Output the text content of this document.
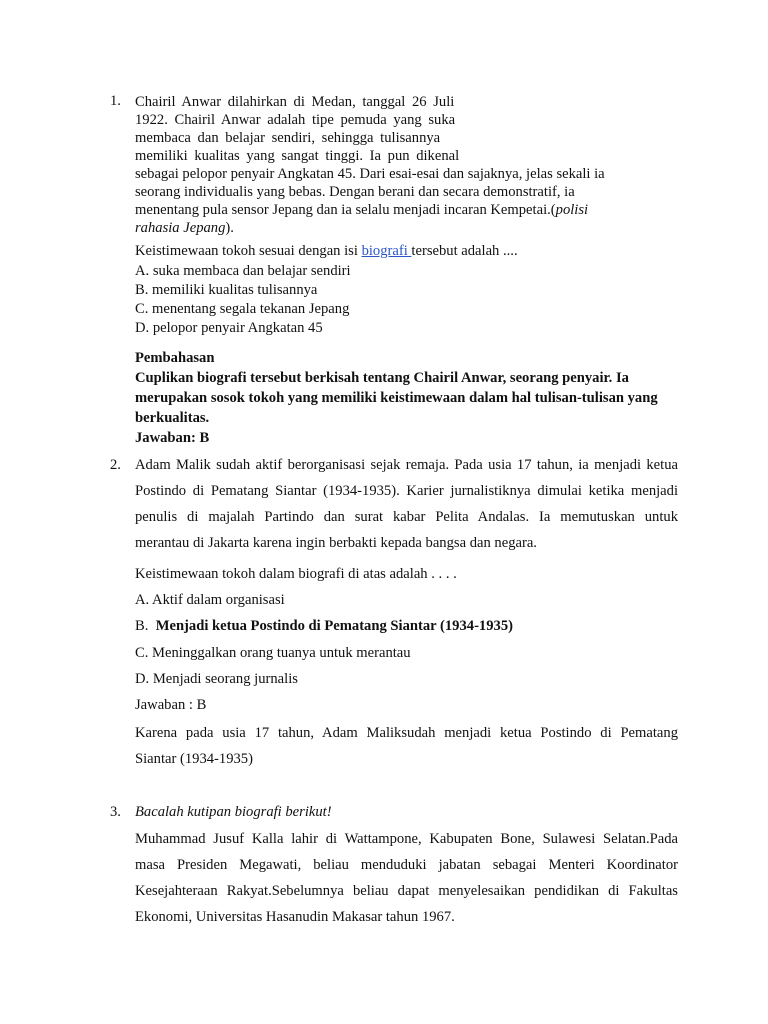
1. Chairil Anwar dilahirkan di Medan, tanggal 26 Juli
1922. Chairil Anwar adalah tipe pemuda yang suka
membaca dan belajar sendiri, sehingga tulisannya
memiliki kualitas yang sangat tinggi. Ia pun dikenal
sebagai pelopor penyair Angkatan 45. Dari esai-esai dan sajaknya, jelas sekali ia
seorang individualis yang bebas. Dengan berani dan secara demonstratif, ia
menentang pula sensor Jepang dan ia selalu menjadi incaran Kempetai.(polisi
rahasia Jepang).
Keistimewaan tokoh sesuai dengan isi biografi tersebut adalah ....
A. suka membaca dan belajar sendiri
B. memiliki kualitas tulisannya
C. menentang segala tekanan Jepang
D. pelopor penyair Angkatan 45
Pembahasan
Cuplikan biografi tersebut berkisah tentang Chairil Anwar, seorang penyair. Ia
merupakan sosok tokoh yang memiliki keistimewaan dalam hal tulisan-tulisan yang
berkualitas.
Jawaban: B
2. Adam Malik sudah aktif berorganisasi sejak remaja. Pada usia 17 tahun, ia menjadi ketua
Postindo di Pematang Siantar (1934-1935). Karier jurnalistiknya dimulai ketika menjadi
penulis di majalah Partindo dan surat kabar Pelita Andalas. Ia memutuskan untuk
merantau di Jakarta karena ingin berbakti kepada bangsa dan negara.
Keistimewaan tokoh dalam biografi di atas adalah . . . .
A. Aktif dalam organisasi
B. Menjadi ketua Postindo di Pematang Siantar (1934-1935)
C. Meninggalkan orang tuanya untuk merantau
D. Menjadi seorang jurnalis
Jawaban : B
Karena pada usia 17 tahun, Adam Maliksudah menjadi ketua Postindo di Pematang
Siantar (1934-1935)
3. Bacalah kutipan biografi berikut!
Muhammad Jusuf Kalla lahir di Wattampone, Kabupaten Bone, Sulawesi Selatan.Pada
masa Presiden Megawati, beliau menduduki jabatan sebagai Menteri Koordinator
Kesejahteraan Rakyat.Sebelumnya beliau dapat menyelesaikan pendidikan di Fakultas
Ekonomi, Universitas Hasanudin Makasar tahun 1967.
